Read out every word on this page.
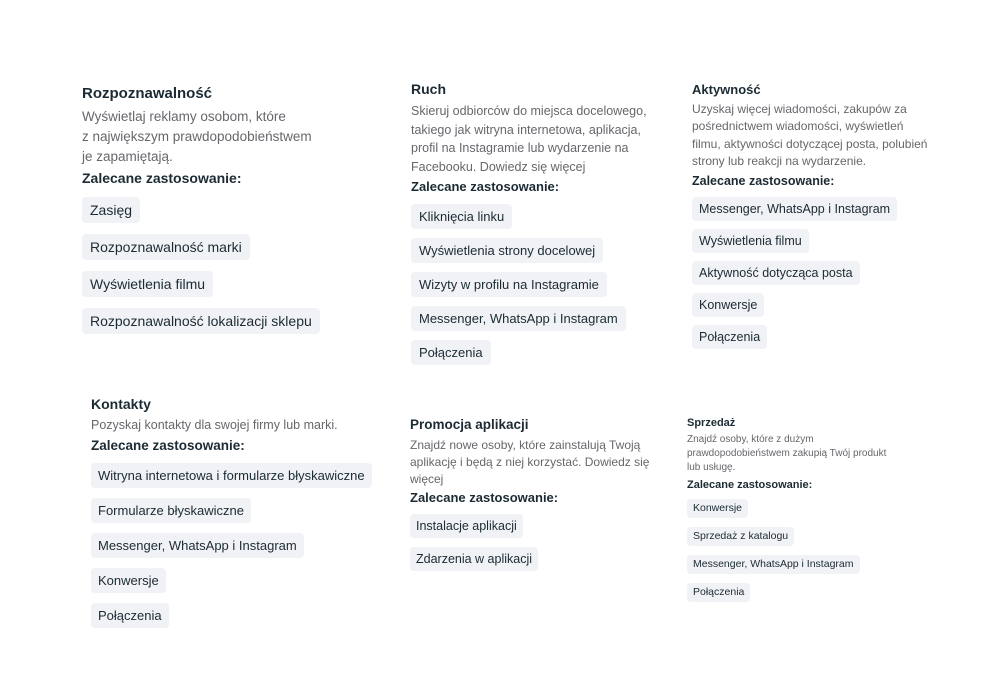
Rozpoznawalność

Wyświetlaj reklamy osobom, które
z największym prawdopodobieństwem
je zapamiętają.

Zalecane zastosowanie:

Zasięg
Rozpoznawalność marki
Wyświetlenia filmu
Rozpoznawalność lokalizacji sklepu

Ruch

Skieruj odbiorców do miejsca docelowego, takiego jak witryna internetowa, aplikacja, profil na Instagramie lub wydarzenie na Facebooku. Dowiedz się więcej

Zalecane zastosowanie:

Kliknięcia linku
Wyświetlenia strony docelowej
Wizyty w profilu na Instagramie
Messenger, WhatsApp i Instagram
Połączenia

Aktywność

Uzyskaj więcej wiadomości, zakupów za pośrednictwem wiadomości, wyświetleń filmu, aktywności dotyczącej posta, polubień strony lub reakcji na wydarzenie.

Zalecane zastosowanie:

Messenger, WhatsApp i Instagram
Wyświetlenia filmu
Aktywność dotycząca posta
Konwersje
Połączenia

Kontakty

Pozyskaj kontakty dla swojej firmy lub marki.

Zalecane zastosowanie:

Witryna internetowa i formularze błyskawiczne
Formularze błyskawiczne
Messenger, WhatsApp i Instagram
Konwersje
Połączenia

Promocja aplikacji

Znajdź nowe osoby, które zainstalują Twoją aplikację i będą z niej korzystać. Dowiedz się więcej

Zalecane zastosowanie:

Instalacje aplikacji
Zdarzenia w aplikacji

Sprzedaż

Znajdź osoby, które z dużym prawdopodobieństwem zakupią Twój produkt lub usługę.

Zalecane zastosowanie:

Konwersje
Sprzedaż z katalogu
Messenger, WhatsApp i Instagram
Połączenia
